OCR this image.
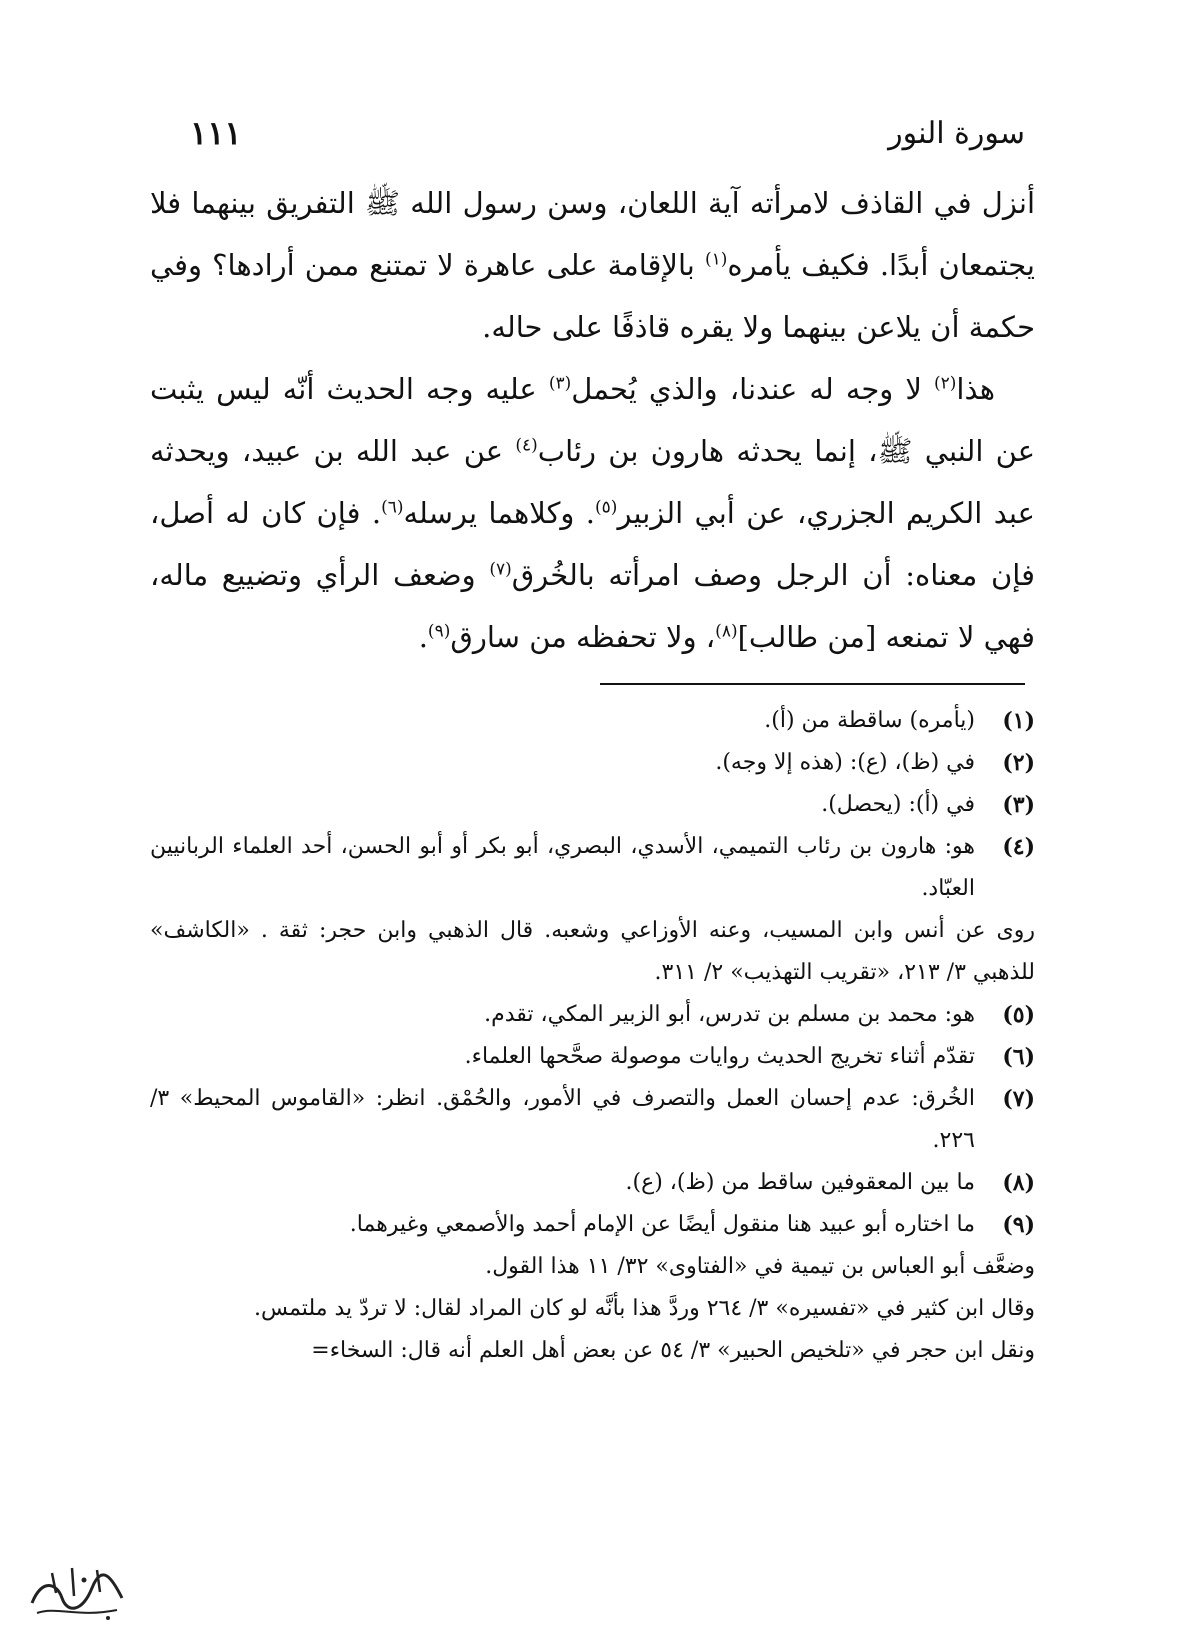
سورة النور
١١١

أنزل في القاذف لامرأته آية اللعان، وسن رسول الله ﷺ التفريق بينهما فلا يجتمعان أبدًا. فكيف يأمره$^{(١)}$ بالإقامة على عاهرة لا تمتنع ممن أرادها؟ وفي حكمة أن يلاعن بينهما ولا يقره قاذفًا على حاله.

هذا$^{(٢)}$ لا وجه له عندنا، والذي يُحمل$^{(٣)}$ عليه وجه الحديث أنّه ليس يثبت عن النبي ﷺ، إنما يحدثه هارون بن رئاب$^{(٤)}$ عن عبد الله بن عبيد، ويحدثه عبد الكريم الجزري، عن أبي الزبير$^{(٥)}$. وكلاهما يرسله$^{(٦)}$. فإن كان له أصل، فإن معناه: أن الرجل وصف امرأته بالخُرق$^{(٧)}$ وضعف الرأي وتضييع ماله، فهي لا تمنعه [من طالب]$^{(٨)}$، ولا تحفظه من سارق$^{(٩)}$.

(١)
(يأمره) ساقطة من (أ).
(٢)
في (ظ)، (ع): (هذه إلا وجه).
(٣)
في (أ): (يحصل).
(٤)
هو: هارون بن رئاب التميمي، الأسدي، البصري، أبو بكر أو أبو الحسن، أحد العلماء الربانيين العبّاد.

روى عن أنس وابن المسيب، وعنه الأوزاعي وشعبه. قال الذهبي وابن حجر: ثقة . «الكاشف» للذهبي ٣/ ٢١٣، «تقريب التهذيب» ٢/ ٣١١.

(٥)
هو: محمد بن مسلم بن تدرس، أبو الزبير المكي، تقدم.
(٦)
تقدّم أثناء تخريج الحديث روايات موصولة صحَّحها العلماء.
(٧)
الخُرق: عدم إحسان العمل والتصرف في الأمور، والحُمْق. انظر: «القاموس المحيط» ٣/ ٢٢٦.
(٨)
ما بين المعقوفين ساقط من (ظ)، (ع).
(٩)
ما اختاره أبو عبيد هنا منقول أيضًا عن الإمام أحمد والأصمعي وغيرهما.

وضعَّف أبو العباس بن تيمية في «الفتاوى» ٣٢/ ١١ هذا القول.

وقال ابن كثير في «تفسيره» ٣/ ٢٦٤ وردَّ هذا بأنَّه لو كان المراد لقال: لا تردّ يد ملتمس.

ونقل ابن حجر في «تلخيص الحبير» ٣/ ٥٤ عن بعض أهل العلم أنه قال: السخاء=
